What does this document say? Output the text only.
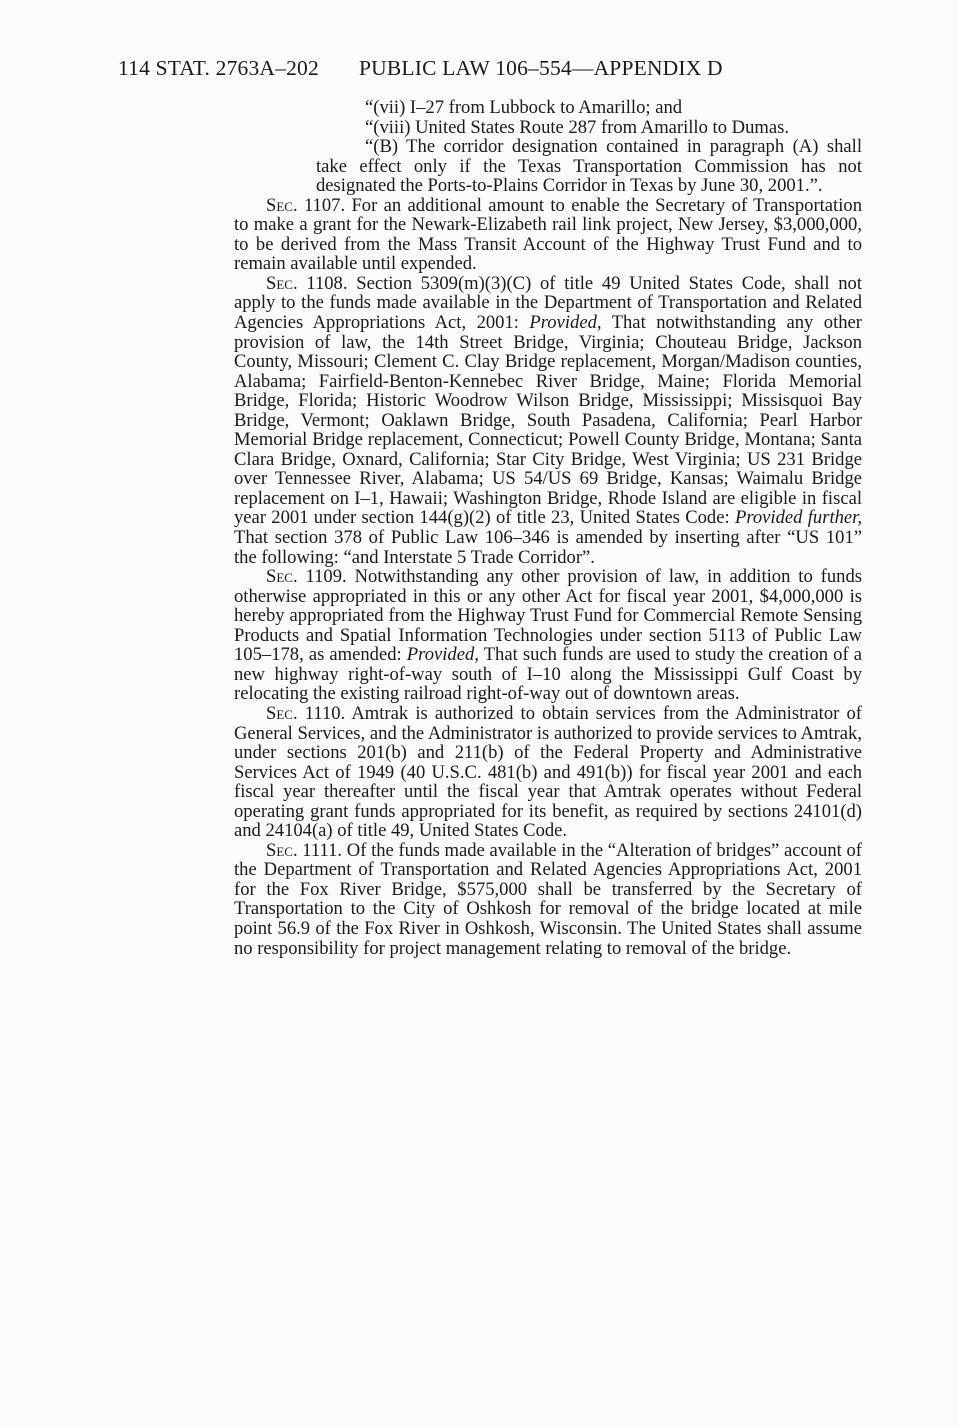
114 STAT. 2763A–202 PUBLIC LAW 106–554—APPENDIX D

“(vii) I–27 from Lubbock to Amarillo; and

“(viii) United States Route 287 from Amarillo to Dumas.

“(B) The corridor designation contained in paragraph (A) shall take effect only if the Texas Transportation Commission has not designated the Ports-to-Plains Corridor in Texas by June 30, 2001.”.

Sec. 1107. For an additional amount to enable the Secretary of Transportation to make a grant for the Newark-Elizabeth rail link project, New Jersey, $3,000,000, to be derived from the Mass Transit Account of the Highway Trust Fund and to remain available until expended.

Sec. 1108. Section 5309(m)(3)(C) of title 49 United States Code, shall not apply to the funds made available in the Department of Transportation and Related Agencies Appropriations Act, 2001: Provided, That notwithstanding any other provision of law, the 14th Street Bridge, Virginia; Chouteau Bridge, Jackson County, Missouri; Clement C. Clay Bridge replacement, Morgan/Madison counties, Alabama; Fairfield-Benton-Kennebec River Bridge, Maine; Florida Memorial Bridge, Florida; Historic Woodrow Wilson Bridge, Mississippi; Missisquoi Bay Bridge, Vermont; Oaklawn Bridge, South Pasadena, California; Pearl Harbor Memorial Bridge replacement, Connecticut; Powell County Bridge, Montana; Santa Clara Bridge, Oxnard, California; Star City Bridge, West Virginia; US 231 Bridge over Tennessee River, Alabama; US 54/US 69 Bridge, Kansas; Waimalu Bridge replacement on I–1, Hawaii; Washington Bridge, Rhode Island are eligible in fiscal year 2001 under section 144(g)(2) of title 23, United States Code: Provided further, That section 378 of Public Law 106–346 is amended by inserting after “US 101” the following: “and Interstate 5 Trade Corridor”.

Sec. 1109. Notwithstanding any other provision of law, in addition to funds otherwise appropriated in this or any other Act for fiscal year 2001, $4,000,000 is hereby appropriated from the Highway Trust Fund for Commercial Remote Sensing Products and Spatial Information Technologies under section 5113 of Public Law 105–178, as amended: Provided, That such funds are used to study the creation of a new highway right-of-way south of I–10 along the Mississippi Gulf Coast by relocating the existing railroad right-of-way out of downtown areas.

Sec. 1110. Amtrak is authorized to obtain services from the Administrator of General Services, and the Administrator is authorized to provide services to Amtrak, under sections 201(b) and 211(b) of the Federal Property and Administrative Services Act of 1949 (40 U.S.C. 481(b) and 491(b)) for fiscal year 2001 and each fiscal year thereafter until the fiscal year that Amtrak operates without Federal operating grant funds appropriated for its benefit, as required by sections 24101(d) and 24104(a) of title 49, United States Code.

Sec. 1111. Of the funds made available in the “Alteration of bridges” account of the Department of Transportation and Related Agencies Appropriations Act, 2001 for the Fox River Bridge, $575,000 shall be transferred by the Secretary of Transportation to the City of Oshkosh for removal of the bridge located at mile point 56.9 of the Fox River in Oshkosh, Wisconsin. The United States shall assume no responsibility for project management relating to removal of the bridge.
